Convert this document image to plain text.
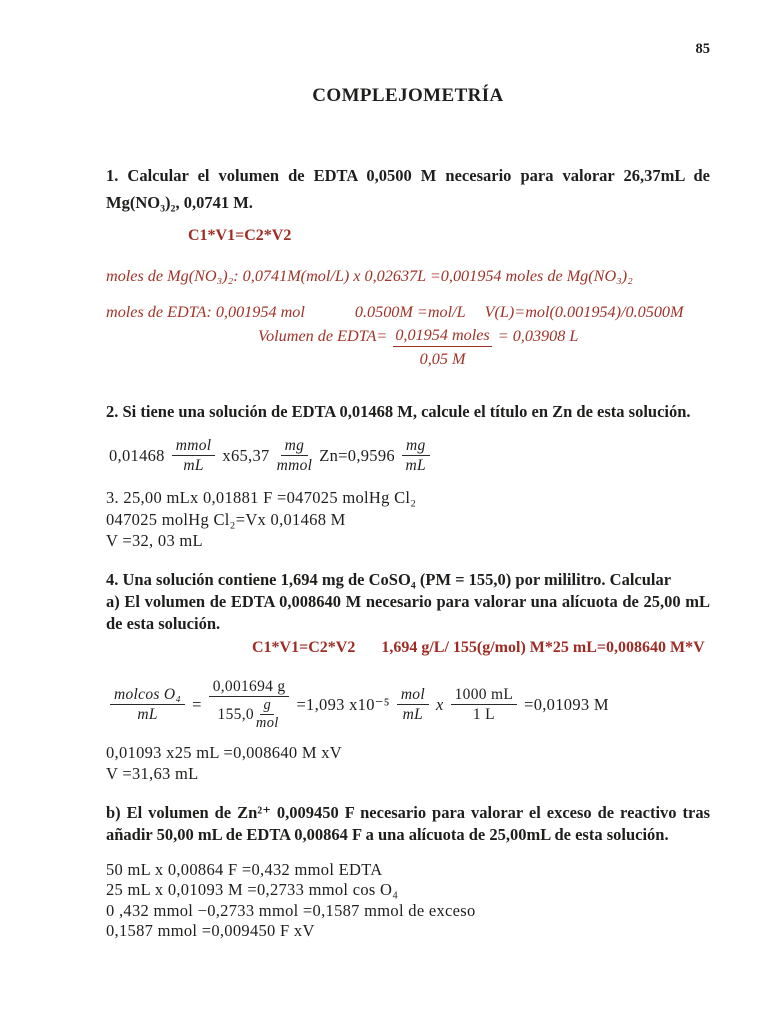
85
COMPLEJOMETRÍA
1. Calcular el volumen de EDTA 0,0500 M necesario para valorar 26,37mL de Mg(NO₃)₂, 0,0741 M.
C1*V1=C2*V2
moles de Mg(NO₃)₂: 0,0741M(mol/L) x 0,02637L =0,001954 moles de Mg(NO₃)₂
moles de EDTA: 0,001954 mol	0.0500M =mol/L V(L)=mol(0.001954)/0.0500M
Volumen de EDTA= 0,01954 moles
0,05 M
= 0,03908 L
2. Si tiene una solución de EDTA 0,01468 M, calcule el título en Zn de esta solución.
$0,01468 \frac{\text{mmol}}{mL} x65,37 \frac{mg}{\text{mmol}} Zn=0,9596 \frac{mg}{mL}$
3. 25,00 mLx 0,01881 F =047025 molHg Cl₂
047025 molHg Cl₂=Vx 0,01468 M
V =32, 03 mL
4. Una solución contiene 1,694 mg de CoSO₄ (PM = 155,0) por mililitro. Calcular
a) El volumen de EDTA 0,008640 M necesario para valorar una alícuota de 25,00 mL de esta solución.
C1*V1=C2*V2 1,694 g/L/ 155(g/mol) M*25 mL=0,008640 M*V
$\frac{\text{molcos O₄}}{mL} = \frac{0,001694 g}{155,0 \frac{g}{\text{mol}}} =1,093$ $x10^{-5} \frac{\text{mol}}{mL}$ x $\frac{1000 mL}{1 L} =0,01093$ M
0,01093 x25 mL =0,008640 M xV
V =31,63 mL
b) El volumen de Zn²⁺ 0,009450 F necesario para valorar el exceso de reactivo tras añadir 50,00 mL de EDTA 0,00864 F a una alícuota de 25,00mL de esta solución.
50 mL x 0,00864 F =0,432 mmol EDTA
25 mL x 0,01093 M =0,2733 mmol cos O₄
0 ,432 mmol −0,2733 mmol =0,1587 mmol de exceso
0,1587 mmol =0,009450 F xV
